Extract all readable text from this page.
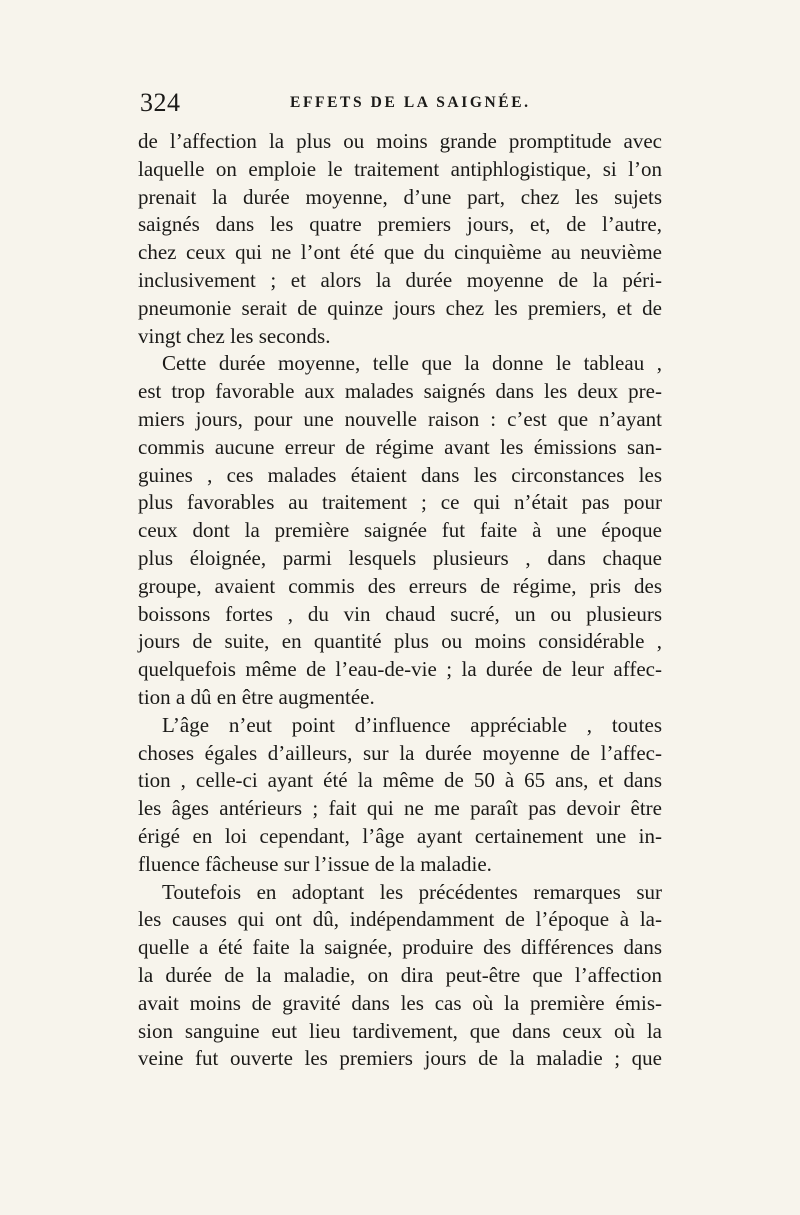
324	EFFETS DE LA SAIGNÉE.
de l’affection la plus ou moins grande promptitude avec
laquelle on emploie le traitement antiphlogistique, si l’on
prenait la durée moyenne, d’une part, chez les sujets
saignés dans les quatre premiers jours, et, de l’autre,
chez ceux qui ne l’ont été que du cinquième au neuvième
inclusivement ; et alors la durée moyenne de la péri-
pneumonie serait de quinze jours chez les premiers, et de
vingt chez les seconds.
Cette durée moyenne, telle que la donne le tableau ,
est trop favorable aux malades saignés dans les deux pre-
miers jours, pour une nouvelle raison : c’est que n’ayant
commis aucune erreur de régime avant les émissions san-
guines , ces malades étaient dans les circonstances les
plus favorables au traitement ; ce qui n’était pas pour
ceux dont la première saignée fut faite à une époque
plus éloignée, parmi lesquels plusieurs , dans chaque
groupe, avaient commis des erreurs de régime, pris des
boissons fortes , du vin chaud sucré, un ou plusieurs
jours de suite, en quantité plus ou moins considérable ,
quelquefois même de l’eau-de-vie ; la durée de leur affec-
tion a dû en être augmentée.
L’âge n’eut point d’influence appréciable , toutes
choses égales d’ailleurs, sur la durée moyenne de l’affec-
tion , celle-ci ayant été la même de 50 à 65 ans, et dans
les âges antérieurs ; fait qui ne me paraît pas devoir être
érigé en loi cependant, l’âge ayant certainement une in-
fluence fâcheuse sur l’issue de la maladie.
Toutefois en adoptant les précédentes remarques sur
les causes qui ont dû, indépendamment de l’époque à la-
quelle a été faite la saignée, produire des différences dans
la durée de la maladie, on dira peut-être que l’affection
avait moins de gravité dans les cas où la première émis-
sion sanguine eut lieu tardivement, que dans ceux où la
veine fut ouverte les premiers jours de la maladie ; que
